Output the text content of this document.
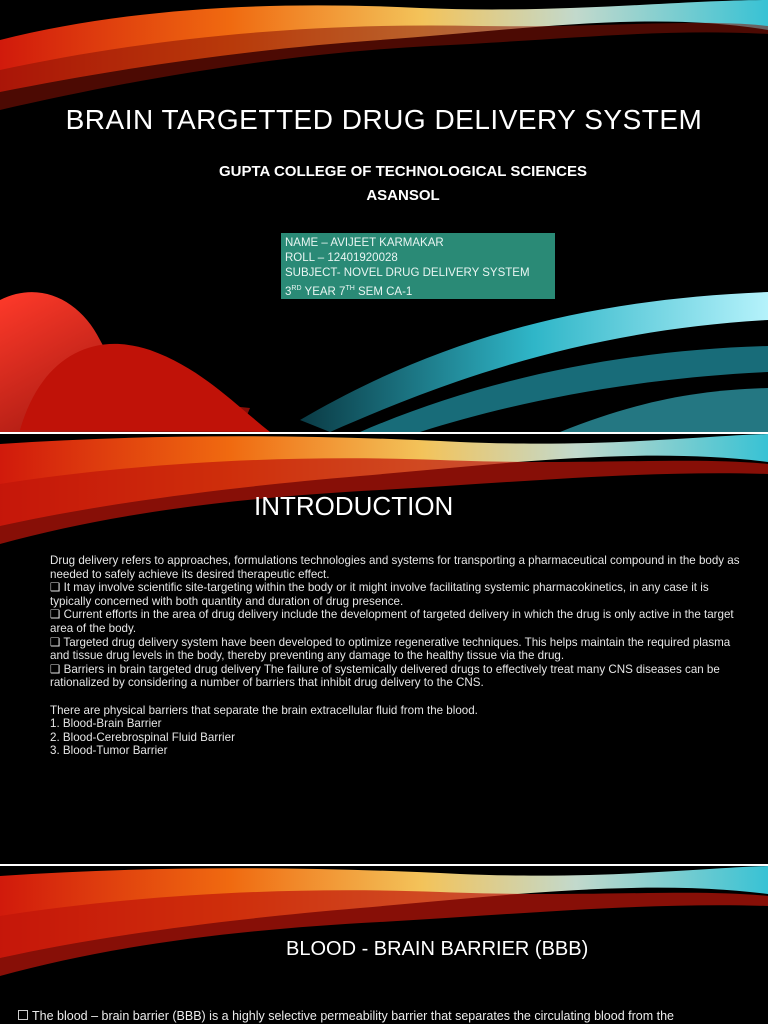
BRAIN TARGETTED DRUG DELIVERY SYSTEM
GUPTA COLLEGE OF TECHNOLOGICAL SCIENCES
ASANSOL
NAME – AVIJEET KARMAKAR
ROLL – 12401920028
SUBJECT- NOVEL DRUG DELIVERY SYSTEM
3RD YEAR 7TH SEM CA-1
INTRODUCTION

Drug delivery refers to approaches, formulations technologies and systems for transporting a pharmaceutical compound in the body as needed to safely achieve its desired therapeutic effect.

❑ It may involve scientific site-targeting within the body or it might involve facilitating systemic pharmacokinetics, in any case it is typically concerned with both quantity and duration of drug presence.

❑ Current efforts in the area of drug delivery include the development of targeted delivery in which the drug is only active in the target area of the body.

❑ Targeted drug delivery system have been developed to optimize regenerative techniques. This helps maintain the required plasma and tissue drug levels in the body, thereby preventing any damage to the healthy tissue via the drug.

❑ Barriers in brain targeted drug delivery The failure of systemically delivered drugs to effectively treat many CNS diseases can be rationalized by considering a number of barriers that inhibit drug delivery to the CNS.

There are physical barriers that separate the brain extracellular fluid from the blood.

1. Blood-Brain Barrier

2. Blood-Cerebrospinal Fluid Barrier

3. Blood-Tumor Barrier

BLOOD - BRAIN BARRIER (BBB)
The blood – brain barrier (BBB) is a highly selective permeability barrier that separates the circulating blood from the
